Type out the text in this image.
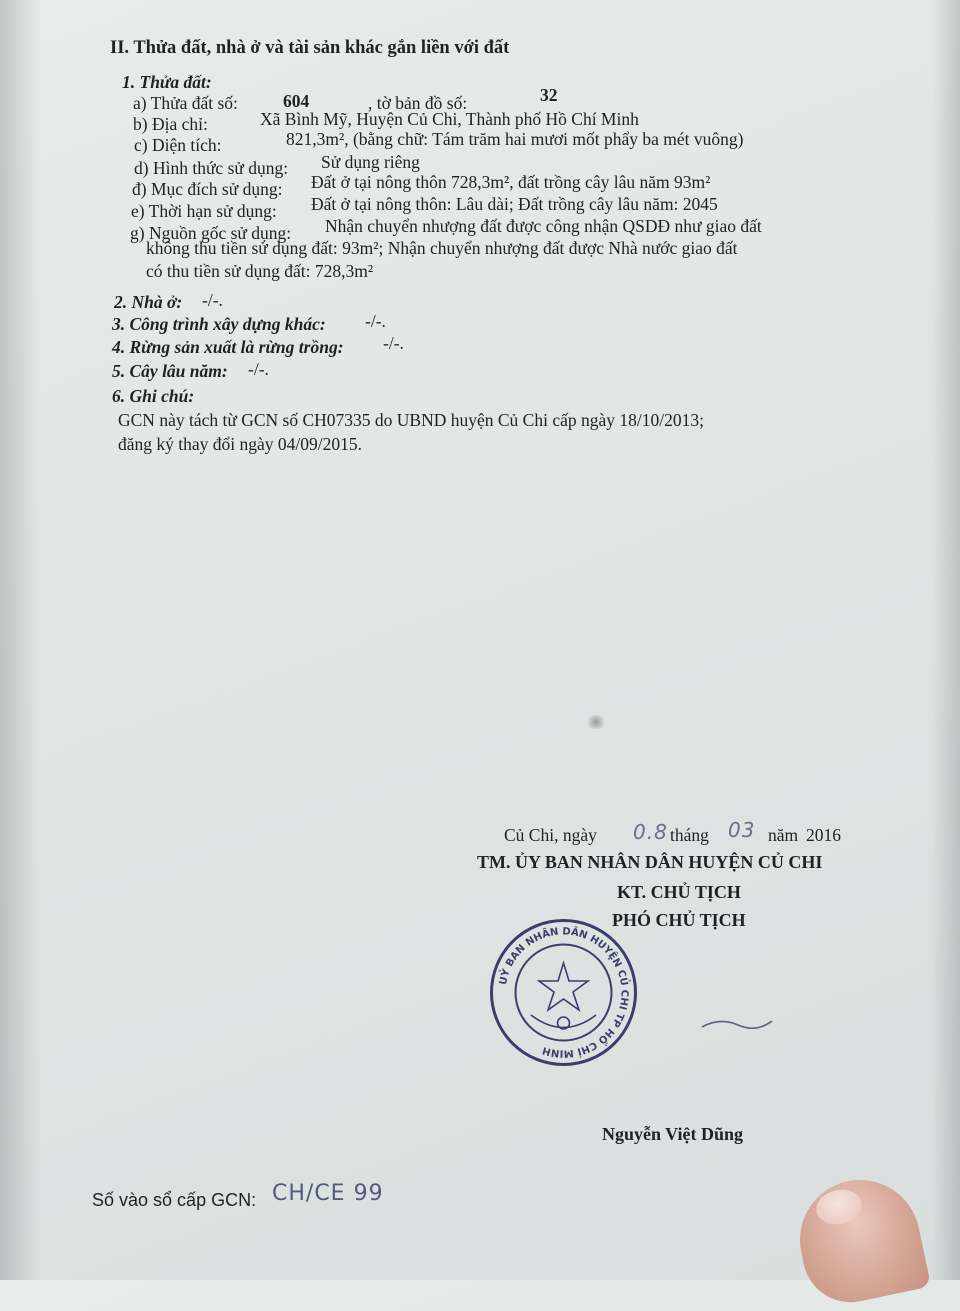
II. Thửa đất, nhà ở và tài sản khác gắn liền với đất
1. Thửa đất:
a) Thửa đất số:	604	, tờ bản đồ số:	32
b) Địa chỉ:	Xã Bình Mỹ, Huyện Củ Chi, Thành phố Hồ Chí Minh
c) Diện tích:	821,3m², (bằng chữ: Tám trăm hai mươi mốt phẩy ba mét vuông)
d) Hình thức sử dụng: Sử dụng riêng
đ) Mục đích sử dụng: Đất ở tại nông thôn 728,3m², đất trồng cây lâu năm 93m²
e) Thời hạn sử dụng: Đất ở tại nông thôn: Lâu dài; Đất trồng cây lâu năm: 2045
g) Nguồn gốc sử dụng: Nhận chuyển nhượng đất được công nhận QSDĐ như giao đất
không thu tiền sử dụng đất: 93m²; Nhận chuyển nhượng đất được Nhà nước giao đất
có thu tiền sử dụng đất: 728,3m²
2. Nhà ở: -/-.
3. Công trình xây dựng khác: -/-.
4. Rừng sản xuất là rừng trồng: -/-.
5. Cây lâu năm: -/-.
6. Ghi chú:
GCN này tách từ GCN số CH07335 do UBND huyện Củ Chi cấp ngày 18/10/2013;
đăng ký thay đổi ngày 04/09/2015.
Củ Chi, ngày 0.8 tháng 03 năm 2016
TM. ỦY BAN NHÂN DÂN HUYỆN CỦ CHI
KT. CHỦ TỊCH
PHÓ CHỦ TỊCH
UỶ BAN NHÂN DÂN HUYỆN CỦ CHI TP HỒ CHÍ MINH
Nguyễn Việt Dũng
Số vào sổ cấp GCN: CH/CE 99
